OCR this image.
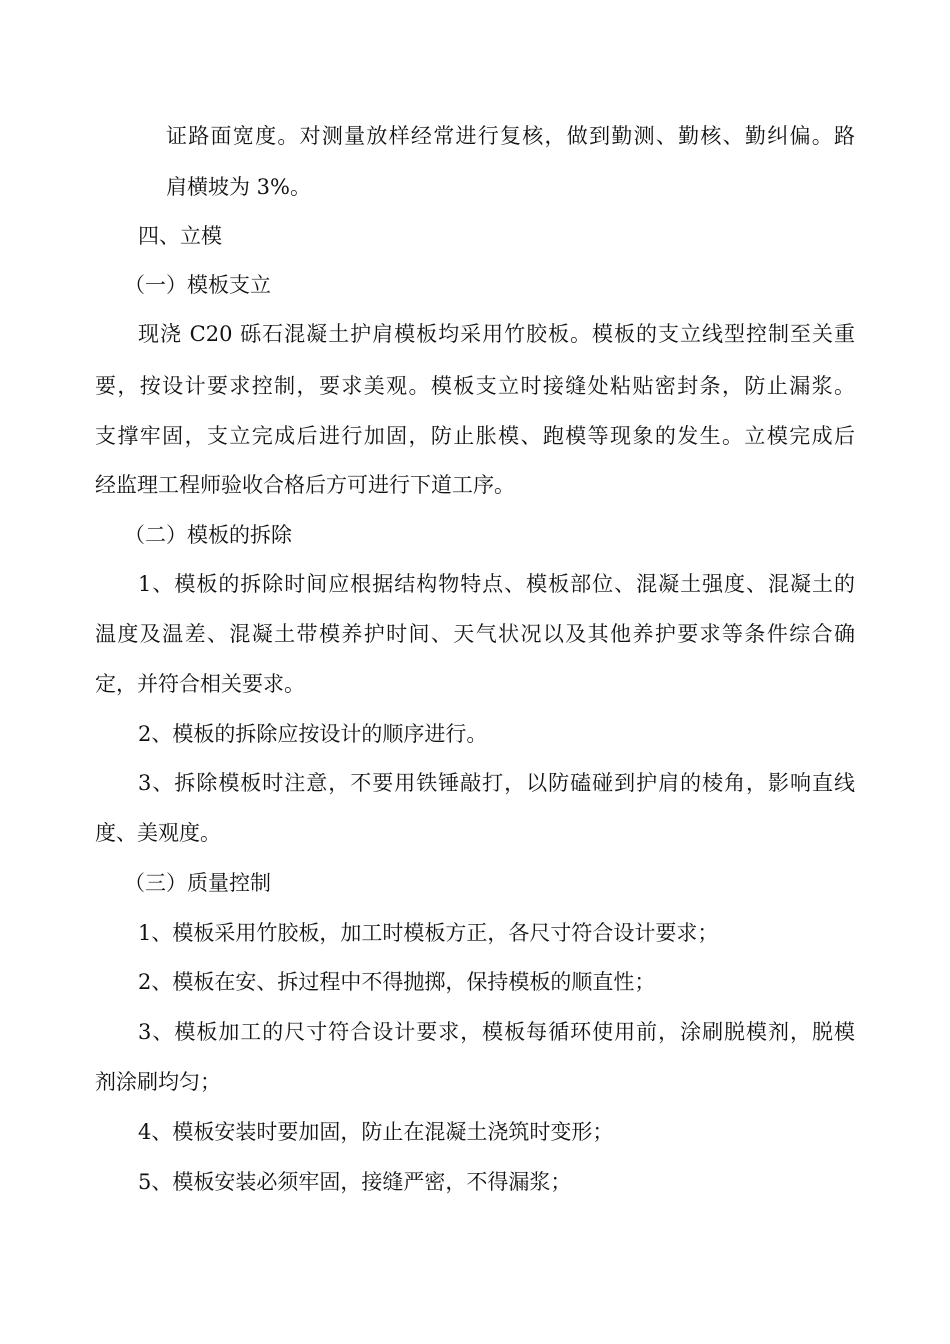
证路面宽度。对测量放样经常进行复核，做到勤测、勤核、勤纠偏。路

肩横坡为 3%。

四、立模

（一）模板支立

现浇 C20 砾石混凝土护肩模板均采用竹胶板。模板的支立线型控制至关重

要，按设计要求控制，要求美观。模板支立时接缝处粘贴密封条，防止漏浆。

支撑牢固，支立完成后进行加固，防止胀模、跑模等现象的发生。立模完成后

经监理工程师验收合格后方可进行下道工序。

（二）模板的拆除

1、模板的拆除时间应根据结构物特点、模板部位、混凝土强度、混凝土的

温度及温差、混凝土带模养护时间、天气状况以及其他养护要求等条件综合确

定，并符合相关要求。

2、模板的拆除应按设计的顺序进行。

3、拆除模板时注意，不要用铁锤敲打，以防磕碰到护肩的棱角，影响直线

度、美观度。

（三）质量控制

1、模板采用竹胶板，加工时模板方正，各尺寸符合设计要求；

2、模板在安、拆过程中不得抛掷，保持模板的顺直性；

3、模板加工的尺寸符合设计要求，模板每循环使用前，涂刷脱模剂，脱模

剂涂刷均匀；

4、模板安装时要加固，防止在混凝土浇筑时变形；

5、模板安装必须牢固，接缝严密，不得漏浆；
